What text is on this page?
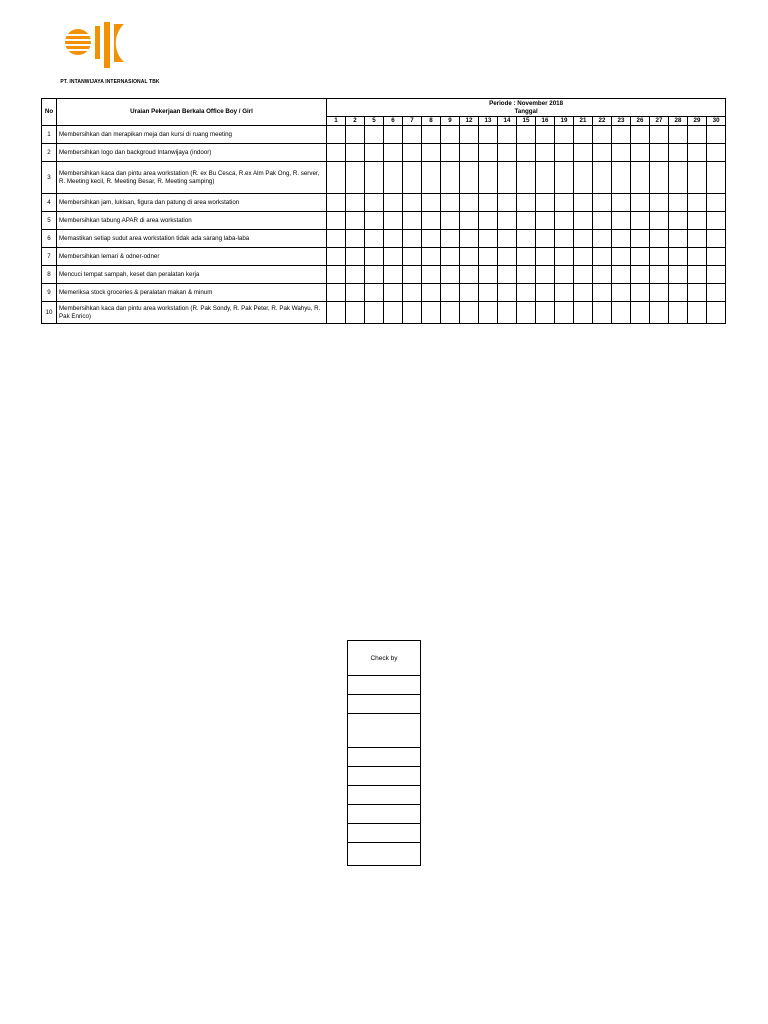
PT. INTANWIJAYA INTERNASIONAL TBK
No	Uraian Pekerjaan Berkala Office Boy / Girl	Periode : November 2018
Tanggal																				

		1	2	5	6	7	8	9	12	13	14	15	16	19	21	22	23	26	27	28	29	30
1	Membersihkan dan merapikan meja dan kursi di ruang meeting																					
2	Membersihkan logo dan backgroud Intanwijaya (indoor)																					
3	Membersihkan kaca dan pintu area workstation (R. ex Bu Cesca, R.ex Alm Pak Ong, R. server, R. Meeting kecil, R. Meeting Besar, R. Meeting samping)																					
4	Membersihkan jam, lukisan, figura dan patung di area workstation																					
5	Membersihkan tabung APAR di area workstation																					
6	Memastikan setiap sudut area workstation tidak ada sarang laba-laba																					
7	Membersihkan lemari & odner-odner																					
8	Mencuci tempat sampah, keset dan peralatan kerja																					
9	Memeriksa stock groceries & peralatan makan & minum																					
10	Membersihkan kaca dan pintu area workstation (R. Pak Sondy, R. Pak Peter, R. Pak Wahyu, R. Pak Enrico)																					
Check by
